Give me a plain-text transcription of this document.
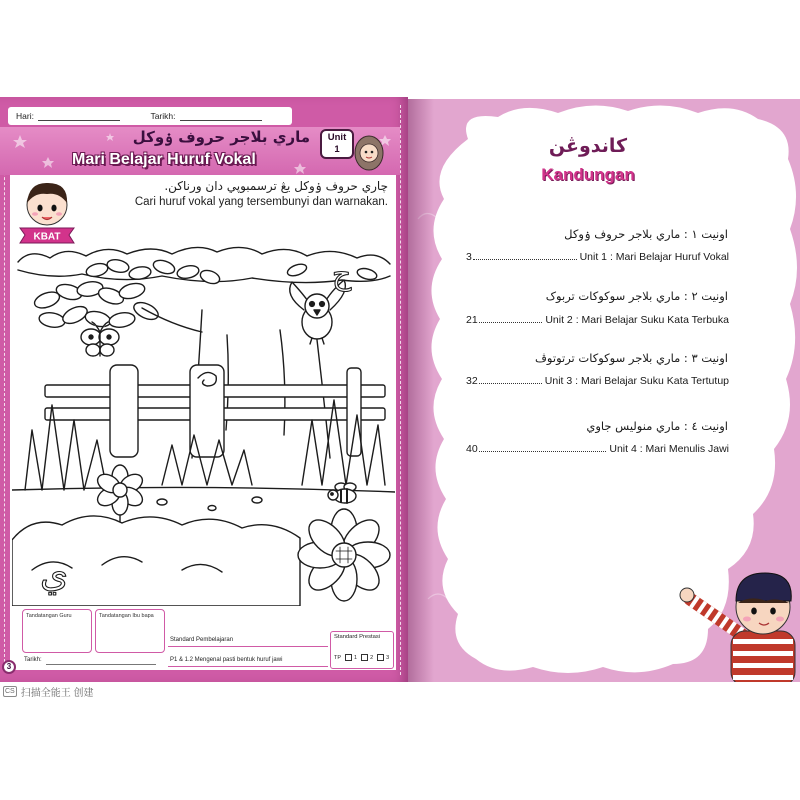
Hari:	Tarikh:
ماري بلاجر حروف ۏوكل
Mari Belajar Huruf Vokal
Unit
1
KBAT
چاري حروف ۏوكل يڠ ترسمبوڽي دان ورناکن.
Cari huruf vokal yang tersembunyi dan warnakan.
ح
ي
Tandatangan Guru	Tandatangan Ibu bapa
Tarikh:
Standard Pembelajaran
P1 & 1.2 Mengenal pasti bentuk huruf jawi
Standard Prestasi
TP 1 2 3
3
كاندوڠن
Kandungan
اونيت ١ : ماري بلاجر حروف ۏوكل
3	Unit 1 : Mari Belajar Huruf Vokal
اونيت ٢ : ماري بلاجر سوكوكات تربوک
21	Unit 2 : Mari Belajar Suku Kata Terbuka
اونيت ٣ : ماري بلاجر سوكوكات ترتوتوڤ
32	Unit 3 : Mari Belajar Suku Kata Tertutup
اونيت ٤ : ماري منوليس جاوي
40	Unit 4 : Mari Menulis Jawi
CS 扫描全能王 创建
